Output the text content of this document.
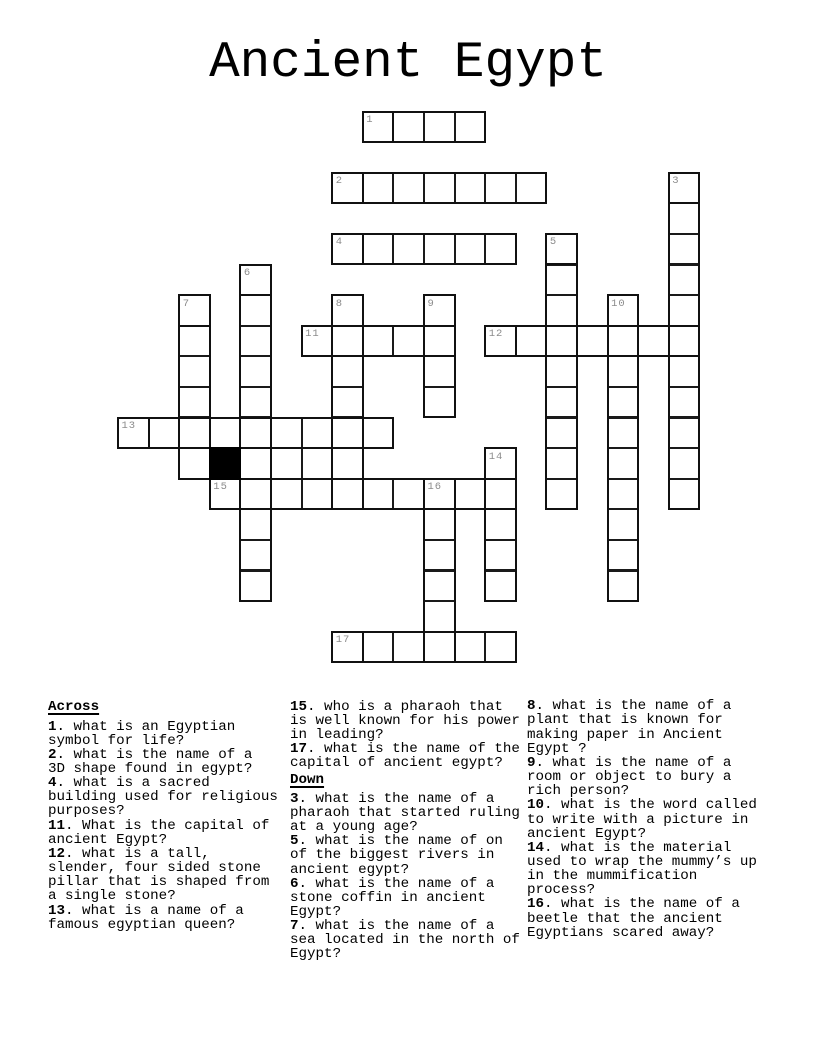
Ancient Egypt
1
2	3
4	5
6
7	8	9	10
11	12
13
14
15	16
17
Across
1. what is an Egyptian
symbol for life?
2. what is the name of a
3D shape found in egypt?
4. what is a sacred
building used for religious
purposes?
11. What is the capital of
ancient Egypt?
12. what is a tall,
slender, four sided stone
pillar that is shaped from
a single stone?
13. what is a name of a
famous egyptian queen?
15. who is a pharaoh that
is well known for his power
in leading?
17. what is the name of the
capital of ancient egypt?
Down
3. what is the name of a
pharaoh that started ruling
at a young age?
5. what is the name of on
of the biggest rivers in
ancient egypt?
6. what is the name of a
stone coffin in ancient
Egypt?
7. what is the name of a
sea located in the north of
Egypt?
8. what is the name of a
plant that is known for
making paper in Ancient
Egypt ?
9. what is the name of a
room or object to bury a
rich person?
10. what is the word called
to write with a picture in
ancient Egypt?
14. what is the material
used to wrap the mummy’s up
in the mummification
process?
16. what is the name of a
beetle that the ancient
Egyptians scared away?
